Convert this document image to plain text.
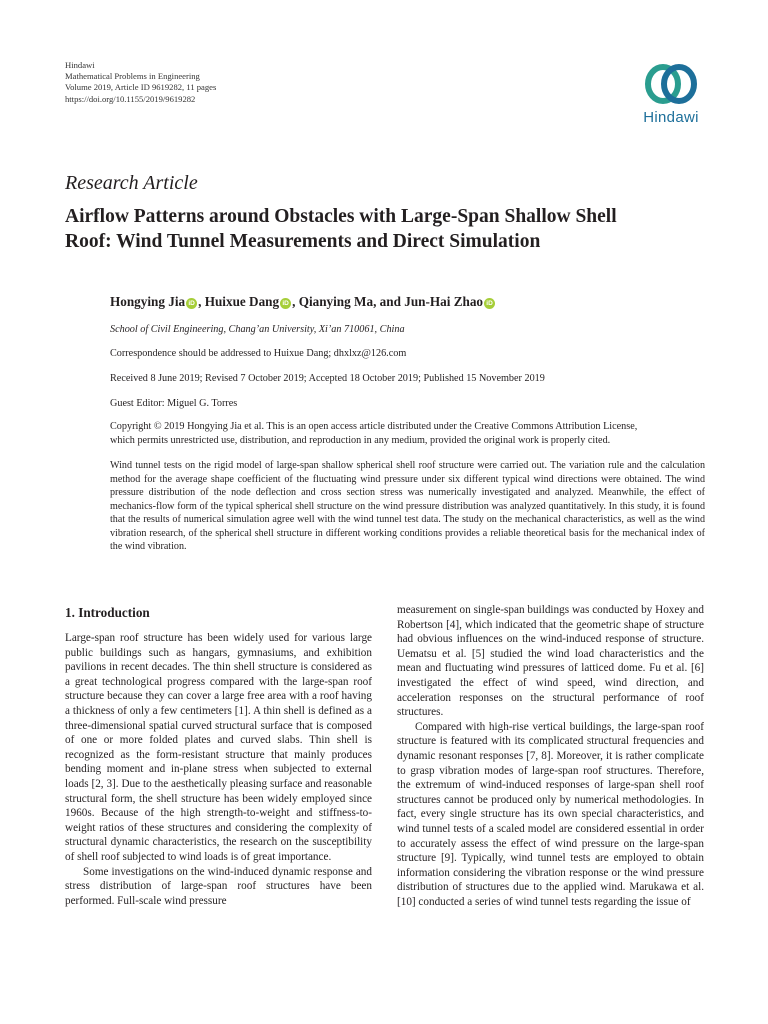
Hindawi
Mathematical Problems in Engineering
Volume 2019, Article ID 9619282, 11 pages
https://doi.org/10.1155/2019/9619282
Hindawi
Research Article
Airflow Patterns around Obstacles with Large-Span Shallow Shell
Roof: Wind Tunnel Measurements and Direct Simulation
Hongying Jia iD , Huixue Dang iD , Qianying Ma, and Jun-Hai Zhao iD
School of Civil Engineering, Chang’an University, Xi’an 710061, China
Correspondence should be addressed to Huixue Dang; dhxlxz@126.com
Received 8 June 2019; Revised 7 October 2019; Accepted 18 October 2019; Published 15 November 2019
Guest Editor: Miguel G. Torres
Copyright © 2019 Hongying Jia et al. This is an open access article distributed under the Creative Commons Attribution License,
which permits unrestricted use, distribution, and reproduction in any medium, provided the original work is properly cited.
Wind tunnel tests on the rigid model of large-span shallow spherical shell roof structure were carried out. The variation rule and the calculation method for the average shape coefficient of the fluctuating wind pressure under six different typical wind directions were obtained. The wind pressure distribution of the node deflection and cross section stress was numerically investigated and analyzed. Meanwhile, the effect of mechanics-flow form of the typical spherical shell structure on the wind pressure distribution was analyzed quantitatively. In this study, it is found that the results of numerical simulation agree well with the wind tunnel test data. The study on the mechanical characteristics, as well as the wind vibration research, of the spherical shell structure in different working conditions provides a reliable theoretical basis for the mechanical index of the wind vibration.
1. Introduction

Large-span roof structure has been widely used for various large public buildings such as hangars, gymnasiums, and exhibition pavilions in recent decades. The thin shell structure is considered as a great technological progress compared with the large-span roof structure because they can cover a large free area with a roof having a thickness of only a few centimeters [1]. A thin shell is defined as a three-dimensional spatial curved structural surface that is composed of one or more folded plates and curved slabs. Thin shell is recognized as the form-resistant structure that mainly produces bending moment and in-plane stress when subjected to external loads [2, 3]. Due to the aesthetically pleasing surface and reasonable structural form, the shell structure has been widely employed since 1960s. Because of the high strength-to-weight and stiffness-to-weight ratios of these structures and considering the complexity of structural dynamic characteristics, the research on the susceptibility of shell roof subjected to wind loads is of great importance.

Some investigations on the wind-induced dynamic response and stress distribution of large-span roof structures have been performed. Full-scale wind pressure

measurement on single-span buildings was conducted by Hoxey and Robertson [4], which indicated that the geometric shape of structure had obvious influences on the wind-induced response of structure. Uematsu et al. [5] studied the wind load characteristics and the mean and fluctuating wind pressures of latticed dome. Fu et al. [6] investigated the effect of wind speed, wind direction, and acceleration responses on the structural performance of roof structures.

Compared with high-rise vertical buildings, the large-span roof structure is featured with its complicated structural frequencies and dynamic resonant responses [7, 8]. Moreover, it is rather complicate to grasp vibration modes of large-span roof structures. Therefore, the extremum of wind-induced responses of large-span shell roof structures cannot be produced only by numerical methodologies. In fact, every single structure has its own special characteristics, and wind tunnel tests of a scaled model are considered essential in order to accurately assess the effect of wind pressure on the large-span structure [9]. Typically, wind tunnel tests are employed to obtain information considering the vibration response or the wind pressure distribution of structures due to the applied wind. Marukawa et al. [10] conducted a series of wind tunnel tests regarding the issue of
